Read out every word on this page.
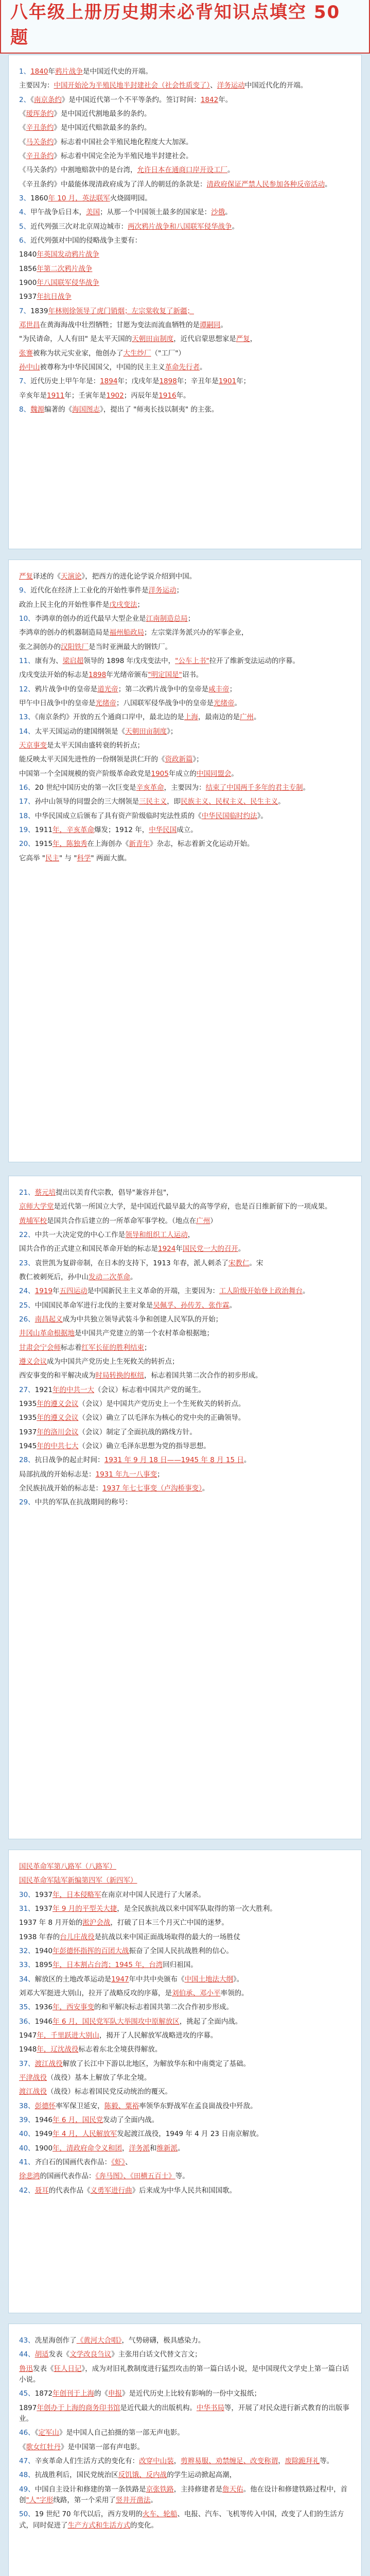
八年级上册历史期末必背知识点填空 50 题
1、1840年鸦片战争是中国近代史的开端。
主要因为：中国开始沦为半殖民地半封建社会（社会性质变了）、洋务运动中国近代化的开端。
2、《南京条约》是中国近代第一个不平等条约。签订时间：1842年。
《瑷珲条约》是中国近代割地最多的条约。
《辛丑条约》是中国近代赔款最多的条约。
《马关条约》标志着中国社会半殖民地化程度大大加深。
《辛丑条约》标志着中国完全沦为半殖民地半封建社会。
《马关条约》中割地赔款中的是台湾，允许日本在通商口岸开设工厂。
《辛丑条约》中最能体现清政府成为了洋人的朝廷的条款是：清政府保证严禁人民参加各种反帝活动。
3、1860年 10 月，英法联军火烧圆明园。
4、甲午战争后日本，美国；从那一个中国领土最多的国家是：沙俄。
5、近代列强三次对北京周边城市：两次鸦片战争和八国联军侵华战争。
6、近代列强对中国的侵略战争主要有：
1840年英国发动鸦片战争
1856年第二次鸦片战争
1900年八国联军侵华战争
1937年抗日战争
7、1839年林则徐领导了虎门销烟；左宗棠收复了新疆；
邓世昌在黄海海战中壮烈牺牲；甘愿为变法而流血牺牲的是谭嗣同。
"为民请命，人人有田" 是太平天国的天朝田亩制度，近代启蒙思想家是严复，
张謇被称为状元实业家，他创办了大生纱厂（"工厂"）
孙中山被尊称为中华民国国父，中国的民主主义革命先行者。
7、近代历史上甲午年是：1894年；戊戌年是1898年；辛丑年是1901年；
辛亥年是1911年；壬寅年是1902；丙辰年是1916年。
8、魏源编著的《海国图志》，提出了 "师夷长技以制夷" 的主张。
严复译述的《天演论》，把西方的进化论学说介绍到中国。
9、近代化在经济上工业化的开始性事件是洋务运动；
政治上民主化的开始性事件是戊戌变法；
10、李鸿章的创办的近代最早大型企业是江南制造总局；
李鸿章的创办的机器制造局是福州船政局；左宗棠洋务派兴办的军事企业，
张之洞创办的汉阳铁厂是当时亚洲最大的钢铁厂。
11、康有为、梁启超领导的 1898 年戊戌变法中，"公车上书"拉开了维新变法运动的序幕。
戊戌变法开始的标志是1898年光绪帝颁布"明定国是"诏书。
12、鸦片战争中的皇帝是道光帝；第二次鸦片战争中的皇帝是咸丰帝；
甲午中日战争中的皇帝是光绪帝；八国联军侵华战争中的皇帝是光绪帝。
13、《南京条约》开放的五个通商口岸中，最北边的是上海，最南边的是广州。
14、太平天国运动的建国纲领是《天朝田亩制度》；
天京事变是太平天国由盛转衰的转折点；
能反映太平天国先进性的一份纲领是洪仁玕的《资政新篇》；
中国第一个全国规模的资产阶级革命政党是1905年成立的中国同盟会。
16、20 世纪中国历史的第一次巨变是辛亥革命，主要因为：结束了中国两千多年的君主专制。
17、孙中山领导的同盟会的三大纲领是三民主义，即民族主义、民权主义、民生主义。
18、中华民国成立后颁布了具有资产阶级临时宪法性质的《中华民国临时约法》。
19、1911年，辛亥革命爆发；1912 年，中华民国成立。
20、1915年，陈独秀在上海创办《新青年》杂志，标志着新文化运动开始。
它高举 "民主" 与 "科学" 两面大旗。
21、蔡元培提出以美育代宗教，倡导"兼容并包"，
京师大学堂是近代第一所国立大学，是中国近代最早最大的高等学府，也是百日维新留下的一项成果。
黄埔军校是国共合作后建立的一所革命军事学校。（地点在广州）
22、中共一大决定党的中心工作是领导和组织工人运动，
国共合作的正式建立和国民革命开始的标志是1924年国民党一大的召开。
23、袁世凯为复辟帝制，在日本的支持下，1913 年春，派人刺杀了宋教仁。宋
教仁被刺死后，孙中山发动二次革命。
24、1919年五四运动是中国新民主主义革命的开端，主要因为：工人阶级开始登上政治舞台。
25、中国国民革命军进行北伐的主要对象是吴佩孚、孙传芳、张作霖。
26、南昌起义成为中共独立领导武装斗争和创建人民军队的开始；
井冈山革命根据地是中国共产党建立的第一个农村革命根据地；
甘肃会宁会师标志着红军长征的胜利结束；
遵义会议成为中国共产党历史上生死攸关的转折点；
西安事变的和平解决成为时局转换的枢纽，标志着国共第二次合作的初步形成。
27、1921年的中共一大（会议）标志着中国共产党的诞生。
1935年的遵义会议（会议）是中国共产党历史上一个生死攸关的转折点。
1935年的遵义会议（会议）确立了以毛泽东为核心的党中央的正确领导。
1937年的洛川会议（会议）制定了全面抗战的路线方针。
1945年的中共七大（会议）确立毛泽东思想为党的指导思想。
28、抗日战争的起止时间：1931 年 9 月 18 日——1945 年 8 月 15 日。
局部抗战的开始标志是：1931 年九一八事变；
全民族抗战开始的标志是：1937 年七七事变（卢沟桥事变）。
29、中共的军队在抗战期间的称号：
国民革命军第八路军（八路军）
国民革命军陆军新编第四军（新四军）
30、1937年，日本侵略军在南京对中国人民进行了大屠杀。
31、1937年 9 月的平型关大捷，是全民族抗战以来中国军队取得的第一次大胜利。
1937 年 8 月开始的淞沪会战，打破了日本三个月灭亡中国的迷梦。
1938 年春的台儿庄战役是抗战以来中国正面战场取得的最大的一场胜仗
32、1940年彭德怀指挥的百团大战振奋了全国人民抗战胜利的信心。
33、1895年，日本割占台湾；1945 年，台湾回归祖国。
34、解放区的土地改革运动是1947年中共中央颁布《中国土地法大纲》。
刘邓大军挺进大别山，拉开了战略反攻的序幕，是刘伯承、邓小平率领的。
35、1936年，西安事变的和平解决标志着国共第二次合作初步形成。
36、1946年 6 月，国民党军队大举围攻中原解放区，挑起了全面内战。
1947年，千里跃进大别山，揭开了人民解放军战略进攻的序幕。
1948年，辽沈战役标志着东北全境获得解放。
37、渡江战役解放了长江中下游以北地区，为解放华东和中南奠定了基础。
平津战役（战役）基本上解放了华北全境。
渡江战役（战役）标志着国民党反动统治的覆灭。
38、彭德怀率军保卫延安，陈毅、粟裕率领华东野战军在孟良崮战役中歼敌。
39、1946年 6 月，国民党发动了全面内战。
40、1949年 4 月，人民解放军发起渡江战役，1949 年 4 月 23 日南京解放。
40、1900年，清政府命令义和团，洋务派和维新派。
41、齐白石的国画代表作品：《虾》、
徐悲鸿的国画代表作品：《奔马图》、《田横五百士》等。
42、聂耳的代表作品《义勇军进行曲》后来成为中华人民共和国国歌。
43、冼星海创作了《黄河大合唱》，气势磅礴，极具感染力。
44、胡适发表《文学改良刍议》主张用白话文代替文言文；
鲁迅发表《狂人日记》，成为对旧礼教制度进行猛烈攻击的第一篇白话小说，是中国现代文学史上第一篇白话小说。
45、1872年创刊于上海的《申报》是近代历史上比较有影响的一份中文报纸；
1897年创办于上海的商务印书馆是近代最大的出版机构。中华书局等，开展了对民众进行新式教育的出版事业。
46、《定军山》是中国人自己拍摄的第一部无声电影。
《歌女红牡丹》是中国第一部有声电影。
47、辛亥革命人们生活方式的变化有：改穿中山装，剪辫易服、劝禁缠足、改变称谓，废除跪拜礼等。
48、抗战胜利后，国民党统治区反饥饿、反内战的学生运动掀起高潮，
49、中国自主设计和修建的第一条铁路是京张铁路，主持修建者是詹天佑。他在设计和修建铁路过程中，首创"人"字形线路，第一个采用了竖井开凿法。
50、19 世纪 70 年代以后，西方发明的火车、轮船、电报、汽车、飞机等传入中国，改变了人们的生活方式，同时促进了生产方式和生活方式的变化。
